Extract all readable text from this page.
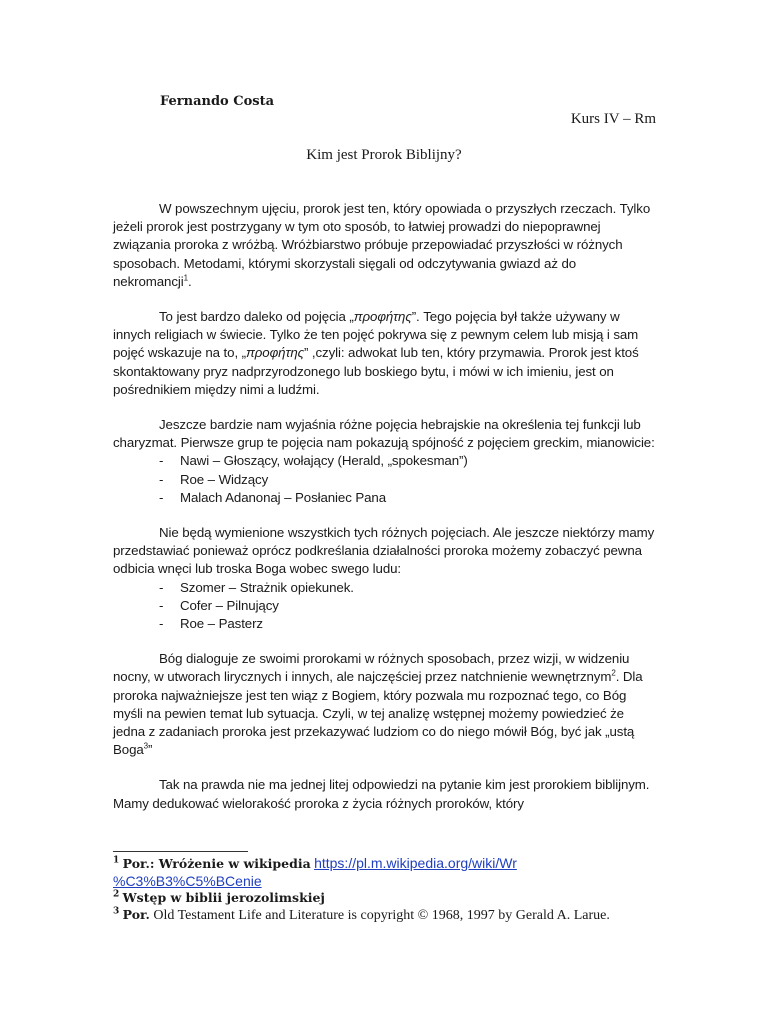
Fernando Costa
Kurs IV – Rm
Kim jest Prorok Biblijny?

W powszechnym ujęciu, prorok jest ten, który opowiada o przyszłych rzeczach. Tylko jeżeli prorok jest postrzygany w tym oto sposób, to łatwiej prowadzi do niepoprawnej związania proroka z wróżbą. Wróżbiarstwo próbuje przepowiadać przyszłości w różnych sposobach. Metodami, którymi skorzystali sięgali od odczytywania gwiazd aż do nekromancji$^1$.

To jest bardzo daleko od pojęcia „προφήτης”. Tego pojęcia był także używany w innych religiach w świecie. Tylko że ten pojęć pokrywa się z pewnym celem lub misją i sam pojęć wskazuje na to, „προφήτης” ,czyli: adwokat lub ten, który przymawia. Prorok jest ktoś skontaktowany pryz nadprzyrodzonego lub boskiego bytu, i mówi w ich imieniu, jest on pośrednikiem między nimi a ludźmi.

Jeszcze bardzie nam wyjaśnia różne pojęcia hebrajskie na określenia tej funkcji lub charyzmat. Pierwsze grup te pojęcia nam pokazują spójność z pojęciem greckim, mianowicie:

- Nawi – Głoszący, wołający (Herald, „spokesman”)
- Roe – Widzący
- Malach Adanonaj – Posłaniec Pana

Nie będą wymienione wszystkich tych różnych pojęciach. Ale jeszcze niektórzy mamy przedstawiać ponieważ oprócz podkreślania działalności proroka możemy zobaczyć pewna odbicia wnęci lub troska Boga wobec swego ludu:

- Szomer – Strażnik opiekunek.
- Cofer – Pilnujący
- Roe – Pasterz

Bóg dialoguje ze swoimi prorokami w różnych sposobach, przez wizji, w widzeniu nocny, w utworach lirycznych i innych, ale najczęściej przez natchnienie wewnętrznym$^2$. Dla proroka najważniejsze jest ten wiąz z Bogiem, który pozwala mu rozpoznać tego, co Bóg myśli na pewien temat lub sytuacja. Czyli, w tej analizę wstępnej możemy powiedzieć że jedna z zadaniach proroka jest przekazywać ludziom co do niego mówił Bóg, być jak „ustą Boga$^3$”

Tak na prawda nie ma jednej litej odpowiedzi na pytanie kim jest prorokiem biblijnym. Mamy dedukować wielorakość proroka z życia różnych proroków, który

$^1$ Por.: Wróżenie w wikipedia https://pl.m.wikipedia.org/wiki/Wr
%C3%B3%C5%BCenie
$^2$ Wstęp w biblii jerozolimskiej
$^3$ Por. Old Testament Life and Literature is copyright © 1968, 1997 by Gerald A. Larue.
